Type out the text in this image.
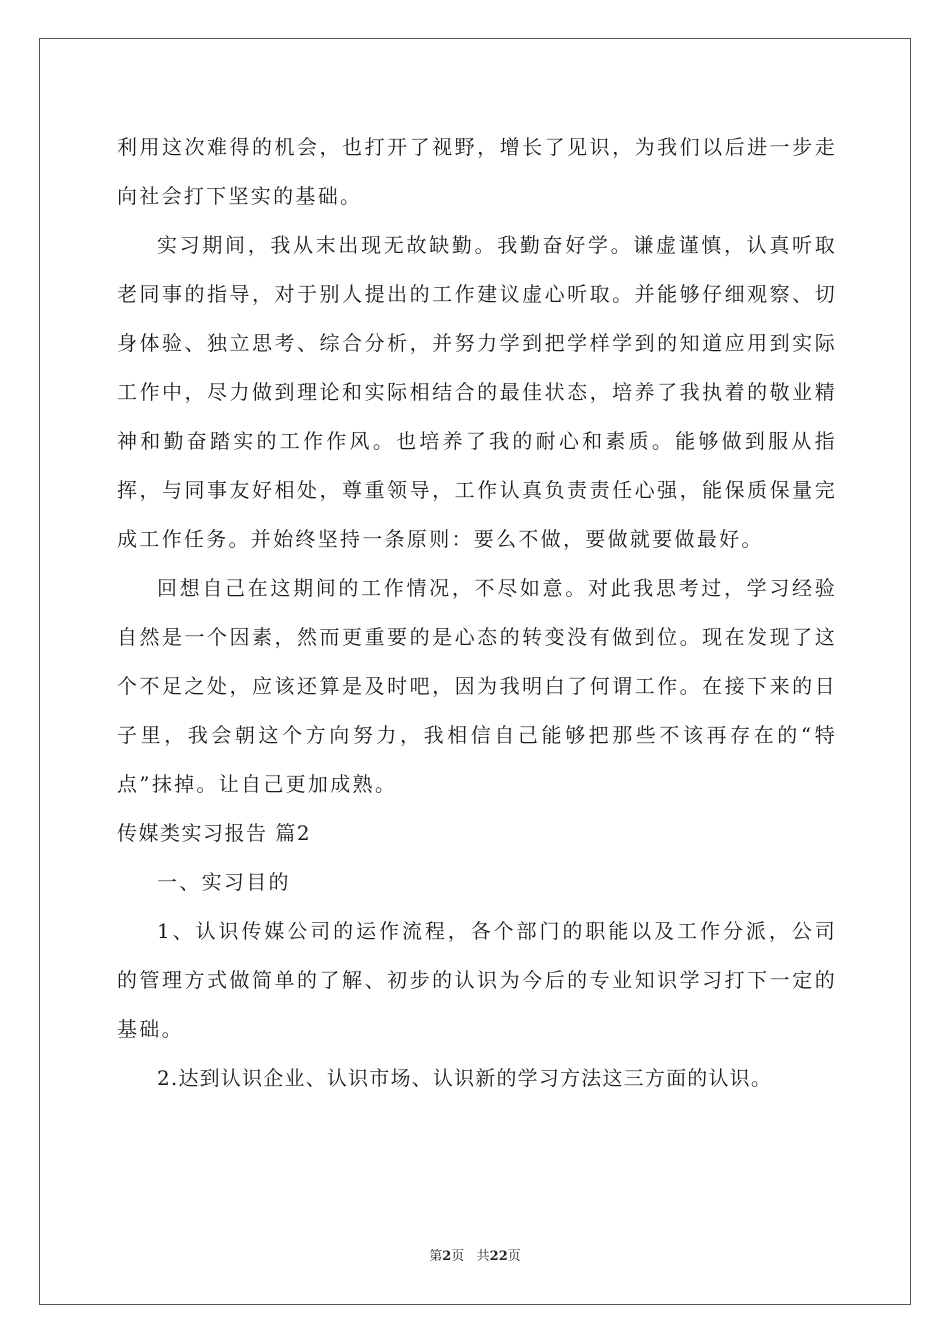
利用这次难得的机会，也打开了视野，增长了见识，为我们以后进一步走向社会打下坚实的基础。

实习期间，我从末出现无故缺勤。我勤奋好学。谦虚谨慎，认真听取老同事的指导，对于别人提出的工作建议虚心听取。并能够仔细观察、切身体验、独立思考、综合分析，并努力学到把学样学到的知道应用到实际工作中，尽力做到理论和实际相结合的最佳状态，培养了我执着的敬业精神和勤奋踏实的工作作风。也培养了我的耐心和素质。能够做到服从指挥，与同事友好相处，尊重领导，工作认真负责责任心强，能保质保量完成工作任务。并始终坚持一条原则：要么不做，要做就要做最好。

回想自己在这期间的工作情况，不尽如意。对此我思考过，学习经验自然是一个因素，然而更重要的是心态的转变没有做到位。现在发现了这个不足之处，应该还算是及时吧，因为我明白了何谓工作。在接下来的日子里，我会朝这个方向努力，我相信自己能够把那些不该再存在的“特点”抹掉。让自己更加成熟。

传媒类实习报告 篇2

一、实习目的

1、认识传媒公司的运作流程，各个部门的职能以及工作分派，公司的管理方式做简单的了解、初步的认识为今后的专业知识学习打下一定的基础。

2.达到认识企业、认识市场、认识新的学习方法这三方面的认识。

第2页   共22页
